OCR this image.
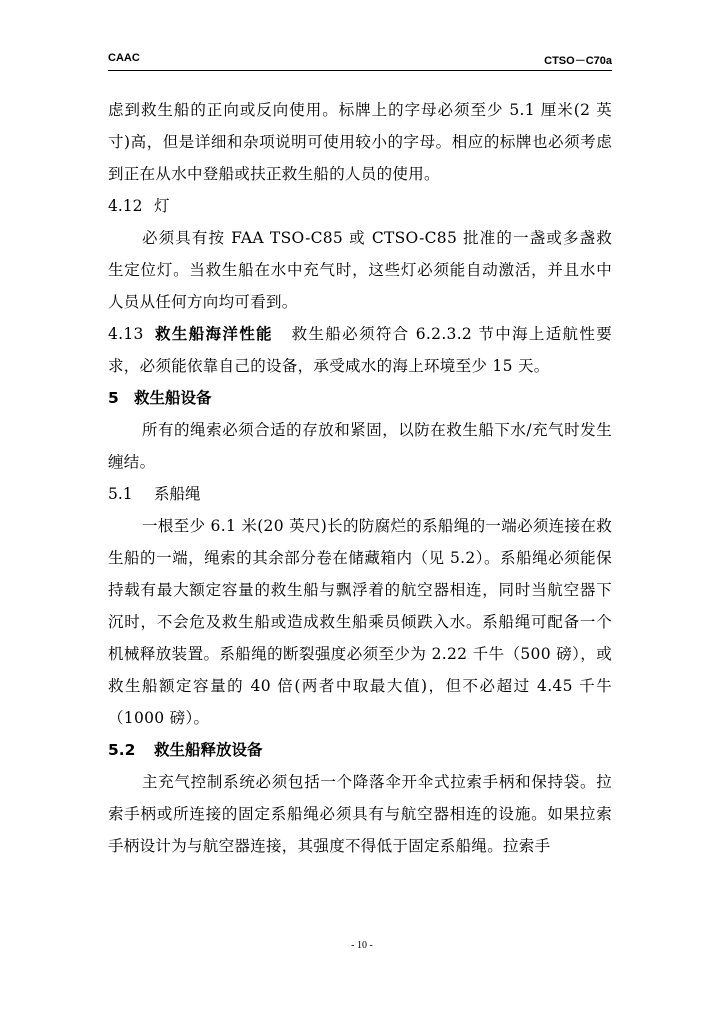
CAAC	CTSO－C70a

虑到救生船的正向或反向使用。标牌上的字母必须至少 5.1 厘米(2 英寸)高，但是详细和杂项说明可使用较小的字母。相应的标牌也必须考虑到正在从水中登船或扶正救生船的人员的使用。

4.12 灯

必须具有按 FAA TSO-C85 或 CTSO-C85 批准的一盏或多盏救生定位灯。当救生船在水中充气时，这些灯必须能自动激活，并且水中人员从任何方向均可看到。

4.13 救生船海洋性能 救生船必须符合 6.2.3.2 节中海上适航性要求，必须能依靠自己的设备，承受咸水的海上环境至少 15 天。

5 救生船设备

所有的绳索必须合适的存放和紧固，以防在救生船下水/充气时发生缠结。

5.1 系船绳

一根至少 6.1 米(20 英尺)长的防腐烂的系船绳的一端必须连接在救生船的一端，绳索的其余部分卷在储藏箱内（见 5.2）。系船绳必须能保持载有最大额定容量的救生船与飘浮着的航空器相连，同时当航空器下沉时，不会危及救生船或造成救生船乘员倾跌入水。系船绳可配备一个机械释放装置。系船绳的断裂强度必须至少为 2.22 千牛（500 磅），或救生船额定容量的 40 倍(两者中取最大值)，但不必超过 4.45 千牛（1000 磅）。

5.2 救生船释放设备

主充气控制系统必须包括一个降落伞开伞式拉索手柄和保持袋。拉索手柄或所连接的固定系船绳必须具有与航空器相连的设施。如果拉索手柄设计为与航空器连接，其强度不得低于固定系船绳。拉索手

- 10 -
